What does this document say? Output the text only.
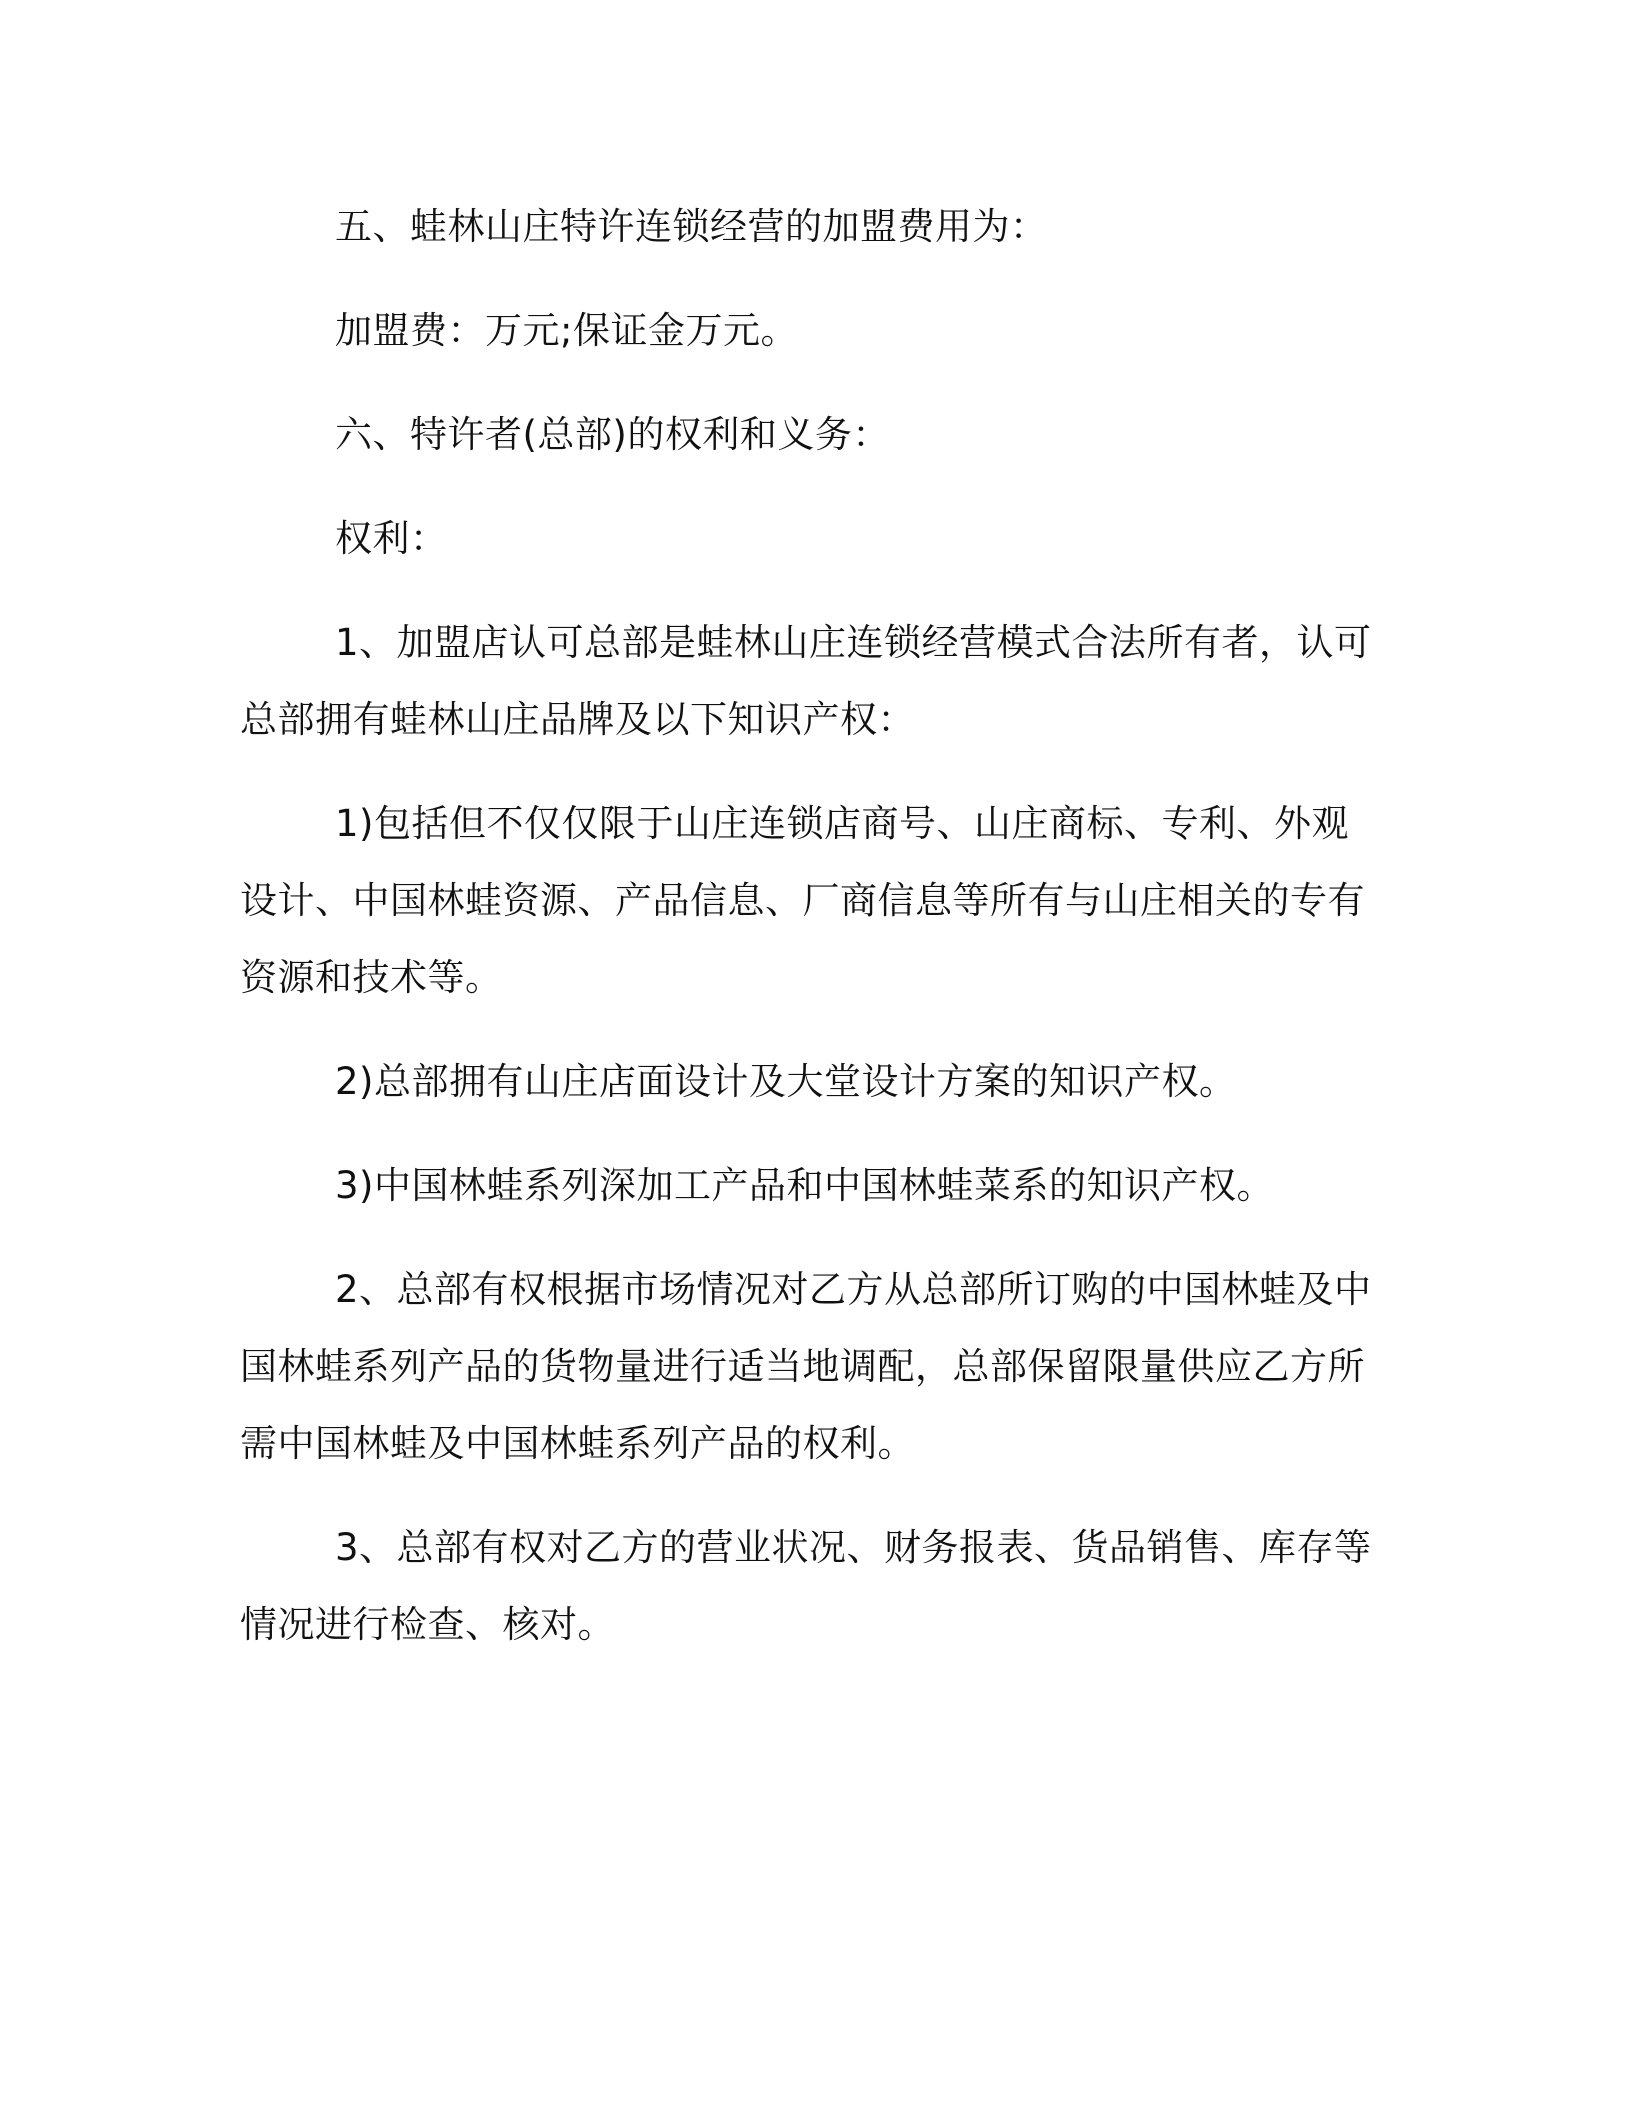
五、蛙林山庄特许连锁经营的加盟费用为：

加盟费：万元;保证金万元。

六、特许者(总部)的权利和义务：

权利：

1、加盟店认可总部是蛙林山庄连锁经营模式合法所有者，认可总部拥有蛙林山庄品牌及以下知识产权：

1)包括但不仅仅限于山庄连锁店商号、山庄商标、专利、外观设计、中国林蛙资源、产品信息、厂商信息等所有与山庄相关的专有资源和技术等。

2)总部拥有山庄店面设计及大堂设计方案的知识产权。

3)中国林蛙系列深加工产品和中国林蛙菜系的知识产权。

2、总部有权根据市场情况对乙方从总部所订购的中国林蛙及中国林蛙系列产品的货物量进行适当地调配，总部保留限量供应乙方所需中国林蛙及中国林蛙系列产品的权利。

3、总部有权对乙方的营业状况、财务报表、货品销售、库存等情况进行检查、核对。
